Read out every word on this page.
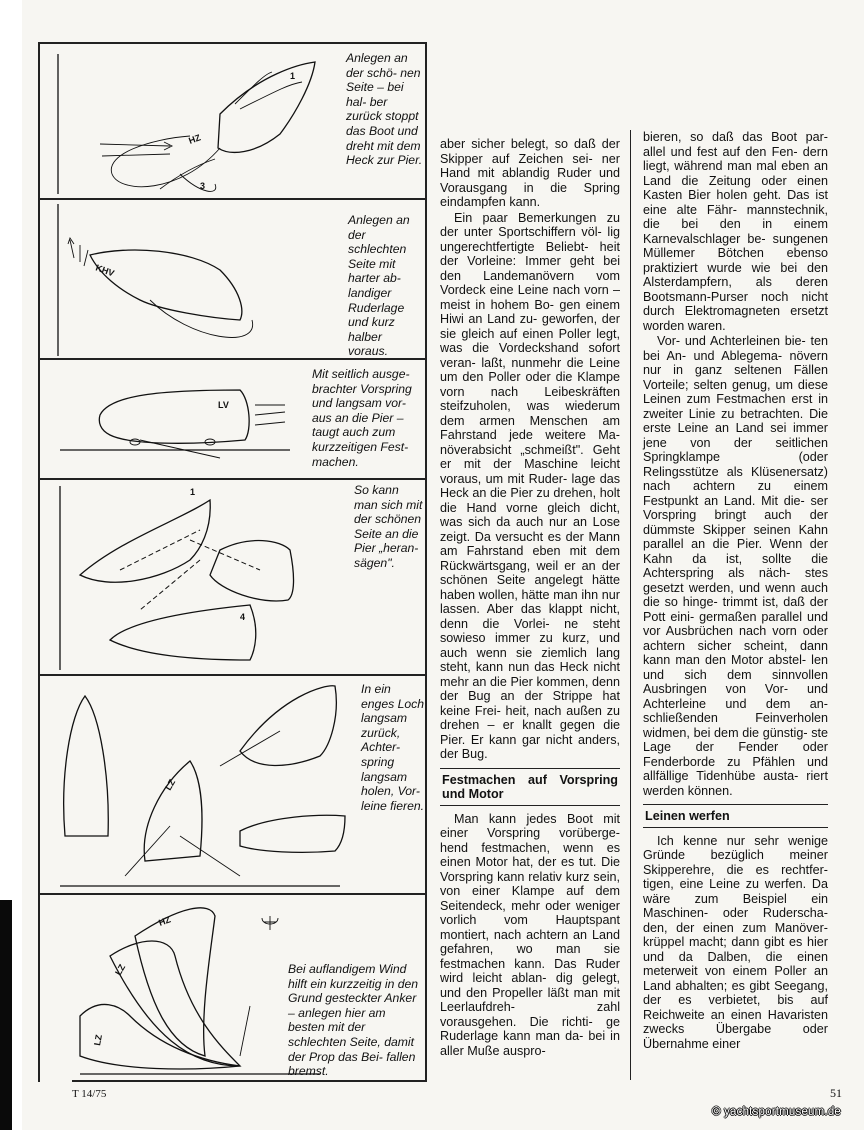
HZ
1
3
Anlegen an der schö- nen Seite – bei hal- ber zurück stoppt das Boot und dreht mit dem Heck zur Pier.
KHV
Anlegen an der schlechten Seite mit harter ab- landiger Ruderlage und kurz halber voraus.
LV
Mit seitlich ausge- brachter Vorspring und langsam vor- aus an die Pier – taugt auch zum kurzzeitigen Fest- machen.
1
4
So kann man sich mit der schönen Seite an die Pier „heran- sägen".
LZ
In ein enges Loch langsam zurück, Achter- spring langsam holen, Vor- leine fieren.
HZ
LZ
LZ
Bei auflandigem Wind hilft ein kurzzeitig in den Grund gesteckter Anker – anlegen hier am besten mit der schlechten Seite, damit der Prop das Bei- fallen bremst.

aber sicher belegt, so daß der Skipper auf Zeichen sei- ner Hand mit ablandig Ruder und Vorausgang in die Spring eindampfen kann.

Ein paar Bemerkungen zu der unter Sportschiffern völ- lig ungerechtfertigte Beliebt- heit der Vorleine: Immer geht bei den Landemanövern vom Vordeck eine Leine nach vorn – meist in hohem Bo- gen einem Hiwi an Land zu- geworfen, der sie gleich auf einen Poller legt, was die Vordeckshand sofort veran- laßt, nunmehr die Leine um den Poller oder die Klampe vorn nach Leibeskräften steifzuholen, was wiederum dem armen Menschen am Fahrstand jede weitere Ma- növerabsicht „schmeißt". Geht er mit der Maschine leicht voraus, um mit Ruder- lage das Heck an die Pier zu drehen, holt die Hand vorne gleich dicht, was sich da auch nur an Lose zeigt. Da versucht es der Mann am Fahrstand eben mit dem Rückwärtsgang, weil er an der schönen Seite angelegt hätte haben wollen, hätte man ihn nur lassen. Aber das klappt nicht, denn die Vorlei- ne steht sowieso immer zu kurz, und auch wenn sie ziemlich lang steht, kann nun das Heck nicht mehr an die Pier kommen, denn der Bug an der Strippe hat keine Frei- heit, nach außen zu drehen – er knallt gegen die Pier. Er kann gar nicht anders, der Bug.

Festmachen auf Vorspring und Motor

Man kann jedes Boot mit einer Vorspring vorüberge- hend festmachen, wenn es einen Motor hat, der es tut. Die Vorspring kann relativ kurz sein, von einer Klampe auf dem Seitendeck, mehr oder weniger vorlich vom Hauptspant montiert, nach achtern an Land gefahren, wo man sie festmachen kann. Das Ruder wird leicht ablan- dig gelegt, und den Propeller läßt man mit Leerlaufdreh- zahl vorausgehen. Die richti- ge Ruderlage kann man da- bei in aller Muße auspro-

bieren, so daß das Boot par- allel und fest auf den Fen- dern liegt, während man mal eben an Land die Zeitung oder einen Kasten Bier holen geht. Das ist eine alte Fähr- mannstechnik, die bei den in einem Karnevalschlager be- sungenen Müllemer Bötchen ebenso praktiziert wurde wie bei den Alsterdampfern, als deren Bootsmann-Purser noch nicht durch Elektromagneten ersetzt worden waren.

Vor- und Achterleinen bie- ten bei An- und Ablegema- növern nur in ganz seltenen Fällen Vorteile; selten genug, um diese Leinen zum Festmachen erst in zweiter Linie zu betrachten. Die erste Leine an Land sei immer jene von der seitlichen Springklampe (oder Relingsstütze als Klüsenersatz) nach achtern zu einem Festpunkt an Land. Mit die- ser Vorspring bringt auch der dümmste Skipper seinen Kahn parallel an die Pier. Wenn der Kahn da ist, sollte die Achterspring als näch- stes gesetzt werden, und wenn auch die so hinge- trimmt ist, daß der Pott eini- germaßen parallel und vor Ausbrüchen nach vorn oder achtern sicher scheint, dann kann man den Motor abstel- len und sich dem sinnvollen Ausbringen von Vor- und Achterleine und dem an- schließenden Feinverholen widmen, bei dem die günstig- ste Lage der Fender oder Fenderborde zu Pfählen und allfällige Tidenhübe austa- riert werden können.

Leinen werfen

Ich kenne nur sehr wenige Gründe bezüglich meiner Skipperehre, die es rechtfer- tigen, eine Leine zu werfen. Da wäre zum Beispiel ein Maschinen- oder Ruderscha- den, der einen zum Manöver- krüppel macht; dann gibt es hier und da Dalben, die einen meterweit von einem Poller an Land abhalten; es gibt Seegang, der es verbietet, bis auf Reichweite an einen Havaristen zwecks Übergabe oder Übernahme einer

T 14/75	51
© yachtsportmuseum.de
